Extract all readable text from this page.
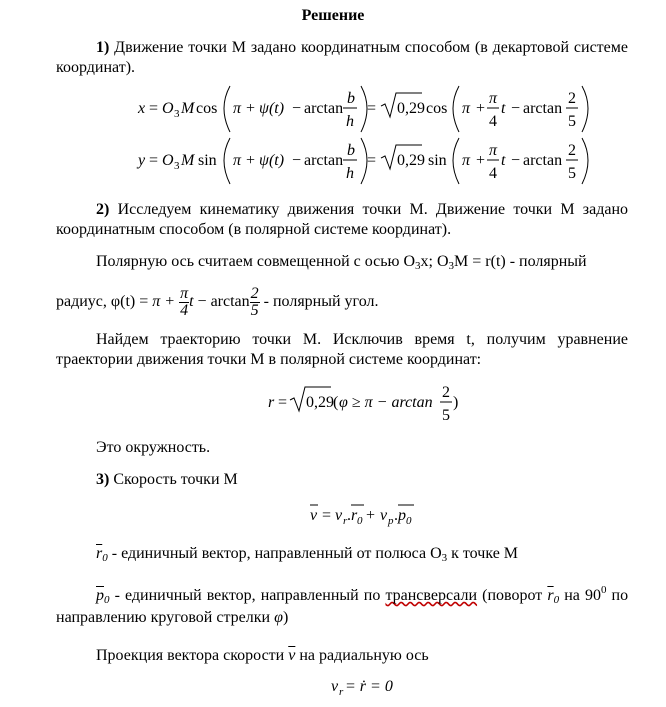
Решение
1) Движение точки М задано координатным способом (в декартовой системе координат).
2) Исследуем кинематику движения точки М. Движение точки М задано координатным способом (в полярной системе координат).
Полярную ось считаем совмещенной с осью $O_3x$; $O_3M = r(t)$ - полярный
радиус, $\varphi(t) = \pi + \frac{\pi}{4}$ $t - \arctan \frac{2}{5}$ - полярный угол.
Найдем траекторию точки М. Исключив время t, получим уравнение траектории движения точки М в полярной системе координат:
Это окружность.
3) Скорость точки М
$\overline{r}_0$ - единичный вектор, направленный от полюса $O_3$ к точке М
$\overline{p}_0$ - единичный вектор, направленный по трансверсали (поворот $\overline{r}_0$ на $90^0$ по направлению круговой стрелки φ)
Проекция вектора скорости $\overline{v}$ на радиальную ось
x = O 3 M cos π + ψ(t) − arctan
b
h
= 0,29 cos π +
π
4
t − arctan
2
5
y = O 3 M sin π + ψ(t) − arctan
b
h
= 0,29 sin π +
π
4
t − arctan
2
5
r = 0,29 ( φ ≥ π − arctan
2
5
)
v = v r . r 0 + v p . p 0
v r = ṙ = 0
